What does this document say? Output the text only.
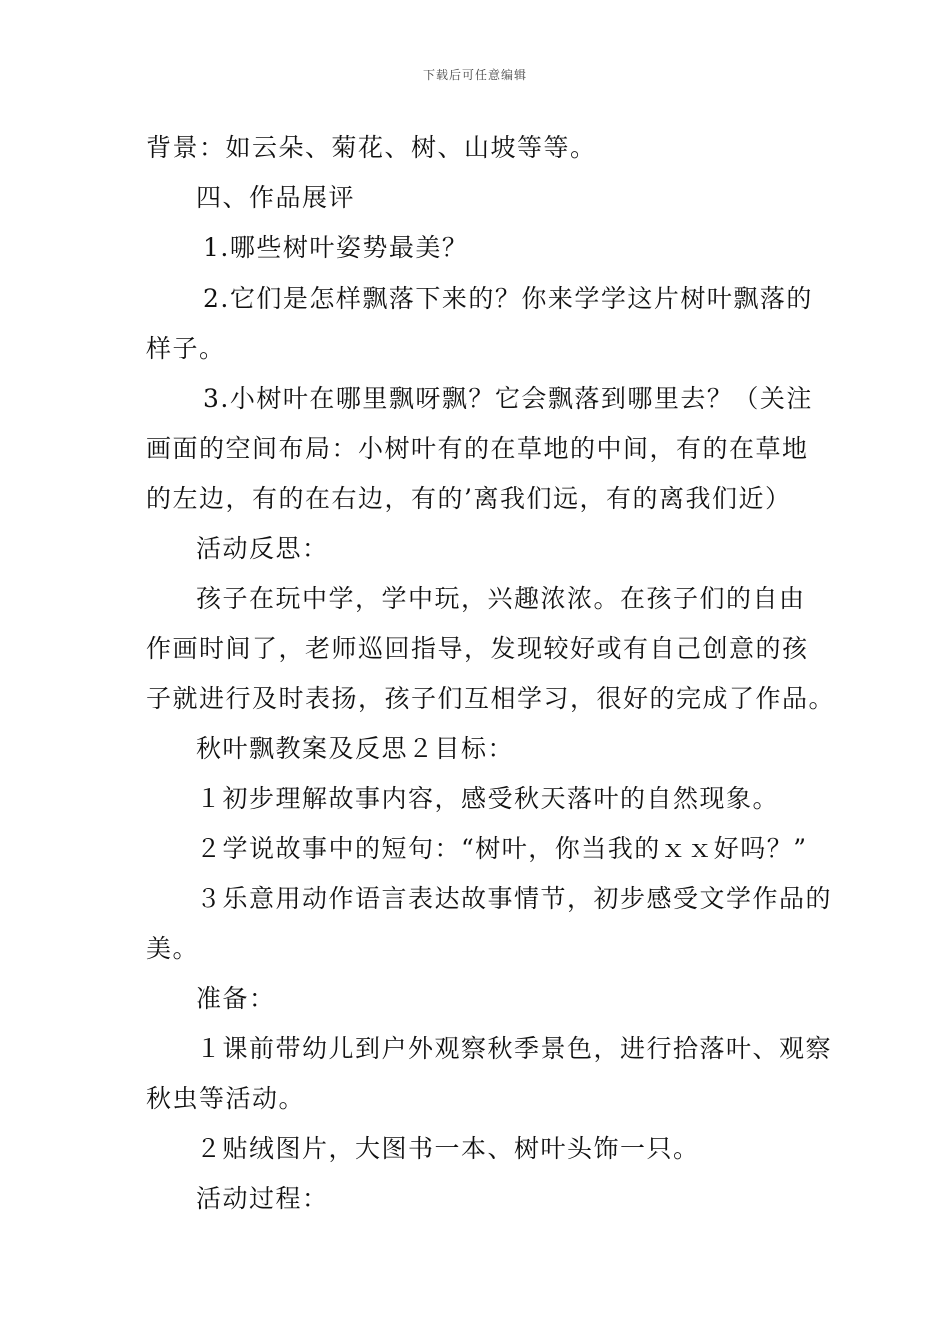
下载后可任意编辑
背景：如云朵、菊花、树、山坡等等。
四、作品展评
1.哪些树叶姿势最美？
2.它们是怎样飘落下来的？你来学学这片树叶飘落的
样子。
3.小树叶在哪里飘呀飘？它会飘落到哪里去？（关注
画面的空间布局：小树叶有的在草地的中间，有的在草地
的左边，有的在右边，有的’离我们远，有的离我们近）
活动反思：
孩子在玩中学，学中玩，兴趣浓浓。在孩子们的自由
作画时间了，老师巡回指导，发现较好或有自己创意的孩
子就进行及时表扬，孩子们互相学习，很好的完成了作品。
秋叶飘教案及反思２目标：
１初步理解故事内容，感受秋天落叶的自然现象。
２学说故事中的短句：“树叶，你当我的ｘｘ好吗？”
３乐意用动作语言表达故事情节，初步感受文学作品的
美。
准备：
１课前带幼儿到户外观察秋季景色，进行拾落叶、观察
秋虫等活动。
２贴绒图片，大图书一本、树叶头饰一只。
活动过程：
